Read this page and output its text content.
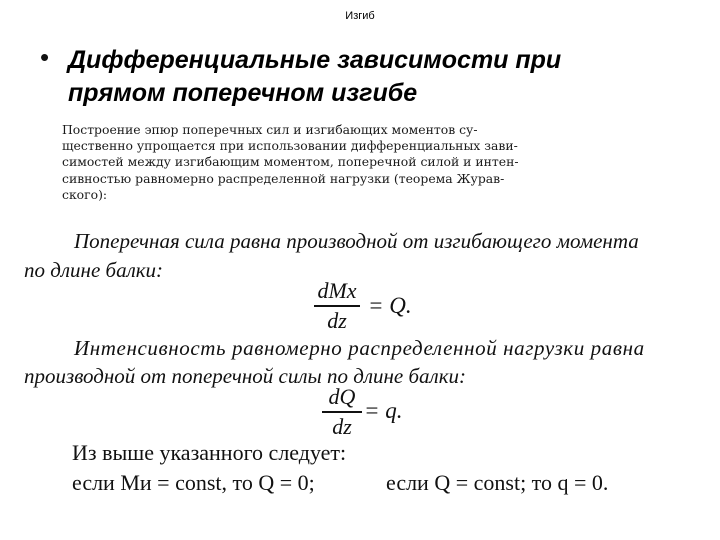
Изгиб
• Дифференциальные зависимости при
прямом поперечном изгибе
Построение эпюр поперечных сил и изгибающих моментов су-
щественно упрощается при использовании дифференциальных зави-
симостей между изгибающим моментом, поперечной силой и интен-
сивностью равномерно распределенной нагрузки (теорема Журав-
ского):
Поперечная сила равна производной от изгибающего момента
по длине балки:
dMx
dz
= Q.
Интенсивность равномерно распределенной нагрузки равна
производной от поперечной силы по длине балки:
dQ
dz
= q.
Из выше указанного следует:
если Mи = const, то Q = 0;	если Q = const; то q = 0.
